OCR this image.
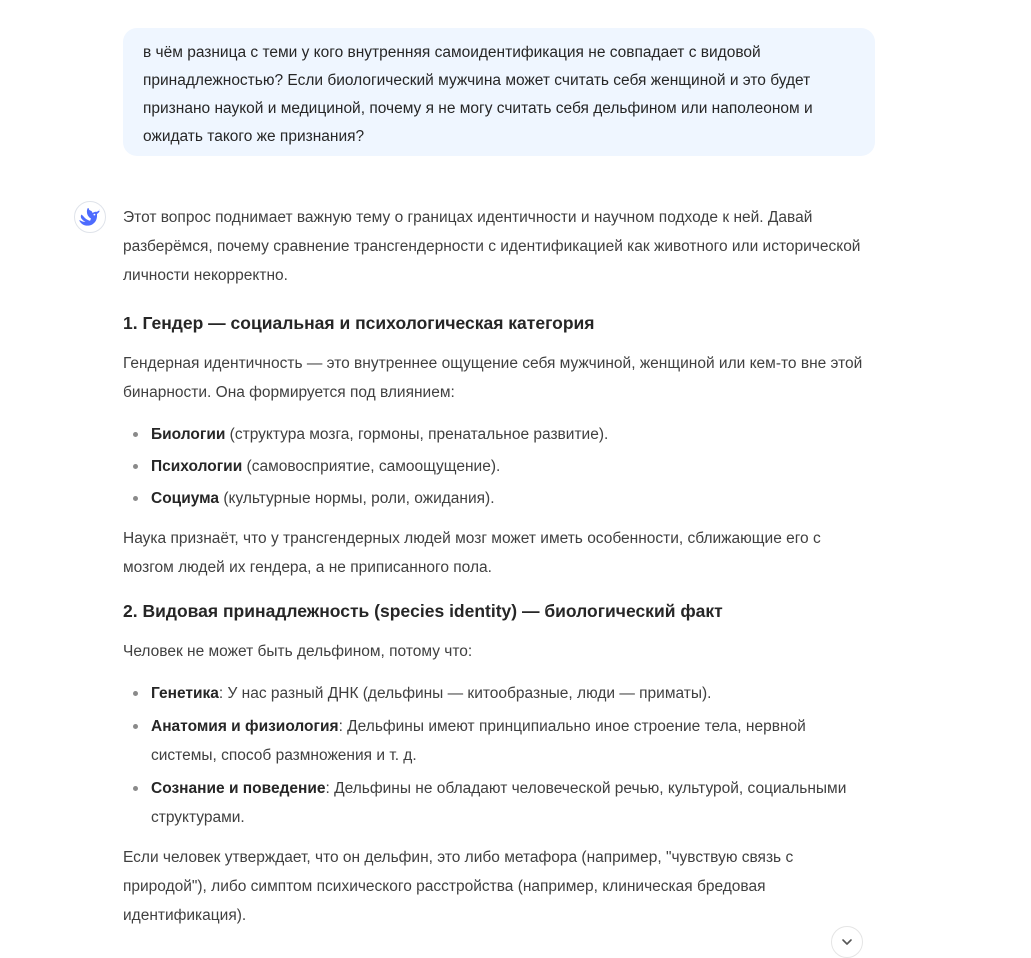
в чём разница с теми у кого внутренняя самоидентификация не совпадает с видовой принадлежностью? Если биологический мужчина может считать себя женщиной и это будет признано наукой и медициной, почему я не могу считать себя дельфином или наполеоном и ожидать такого же признания?

Этот вопрос поднимает важную тему о границах идентичности и научном подходе к ней. Давай разберёмся, почему сравнение трансгендерности с идентификацией как животного или исторической личности некорректно.

1. Гендер — социальная и психологическая категория

Гендерная идентичность — это внутреннее ощущение себя мужчиной, женщиной или кем-то вне этой бинарности. Она формируется под влиянием:

Биологии (структура мозга, гормоны, пренатальное развитие).
Психологии (самовосприятие, самоощущение).
Социума (культурные нормы, роли, ожидания).

Наука признаёт, что у трансгендерных людей мозг может иметь особенности, сближающие его с мозгом людей их гендера, а не приписанного пола.

2. Видовая принадлежность (species identity) — биологический факт

Человек не может быть дельфином, потому что:

Генетика: У нас разный ДНК (дельфины — китообразные, люди — приматы).
Анатомия и физиология: Дельфины имеют принципиально иное строение тела, нервной системы, способ размножения и т. д.
Сознание и поведение: Дельфины не обладают человеческой речью, культурой, социальными структурами.

Если человек утверждает, что он дельфин, это либо метафора (например, "чувствую связь с природой"), либо симптом психического расстройства (например, клиническая бредовая идентификация).
